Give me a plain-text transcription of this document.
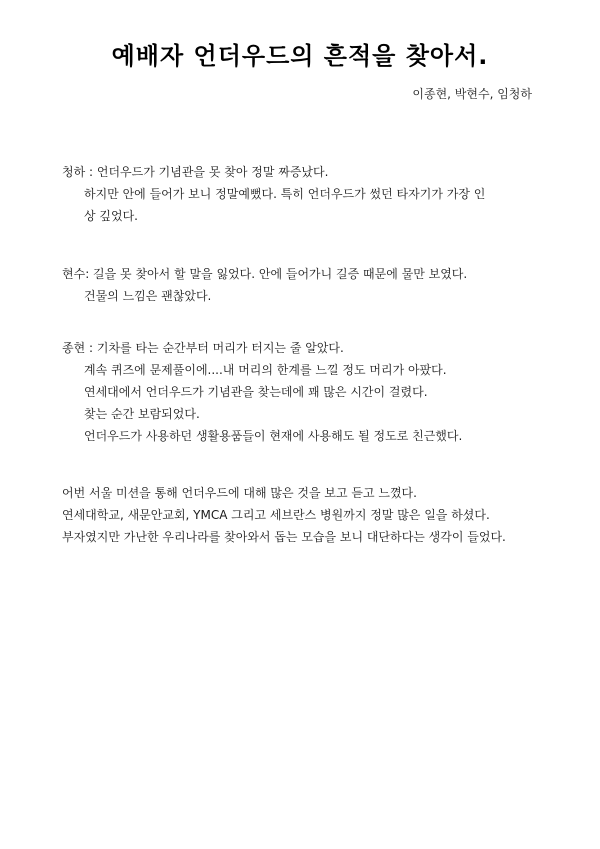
예배자 언더우드의 흔적을 찾아서.
이종현, 박현수, 임청하
청하 : 언더우드가 기념관을 못 찾아 정말 짜증났다.
하지만 안에 들어가 보니 정말예뻤다. 특히 언더우드가 썼던 타자기가 가장 인
상 깊었다.
현수: 길을 못 찾아서 할 말을 잃었다. 안에 들어가니 길증 때문에 물만 보였다.
건물의 느낌은 괜찮았다.
종현 : 기차를 타는 순간부터 머리가 터지는 줄 알았다.
계속 퀴즈에 문제풀이에....내 머리의 한계를 느낄 정도 머리가 아팠다.
연세대에서 언더우드가 기념관을 찾는데에 꽤 많은 시간이 걸렸다.
찾는 순간 보람되었다.
언더우드가 사용하던 생활용품들이 현재에 사용해도 될 정도로 친근했다.

어번 서울 미션을 통해 언더우드에 대해 많은 것을 보고 듣고 느꼈다.

연세대학교, 새문안교회, YMCA 그리고 세브란스 병원까지 정말 많은 일을 하셨다.

부자였지만 가난한 우리나라를 찾아와서 돕는 모습을 보니 대단하다는 생각이 들었다.
